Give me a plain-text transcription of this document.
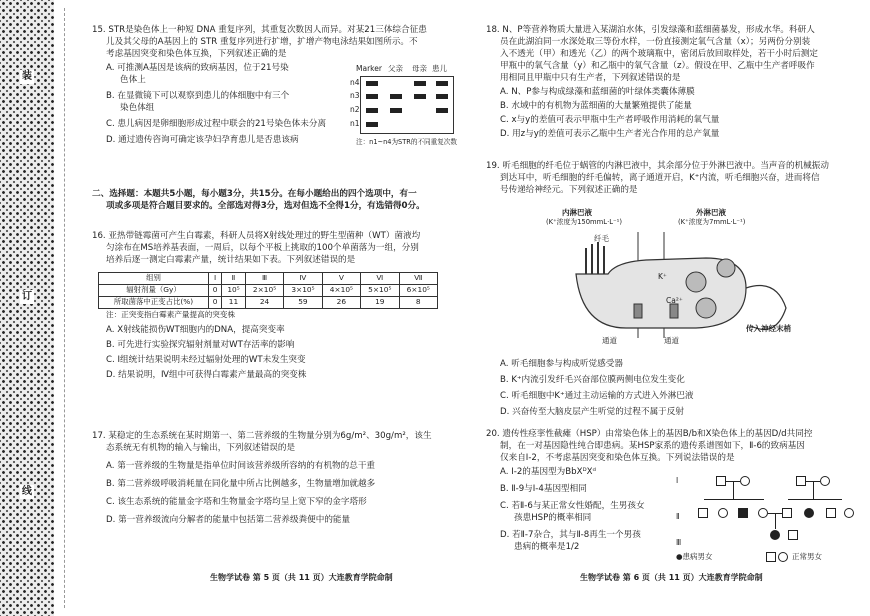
装
订
线
15. STR是染色体上一种短 DNA 重复序列，其重复次数因人而异。对某21三体综合征患
儿及其父母的A基因上的 STR 重复序列进行扩增，扩增产物电泳结果如图所示。不
考虑基因突变和染色体互换，下列叙述正确的是
A. 可推测A基因是该病的致病基因，位于21号染
色体上
B. 在显微镜下可以观察到患儿的体细胞中有三个
染色体组
C. 患儿病因是卵细胞形成过程中联会的21号染色体未分离
D. 通过遗传咨询可确定该孕妇孕育患儿是否患该病
Marker 父亲 母亲 患儿
n4
n3
n2
n1
注：n1~n4为STR的不同重复次数
二、选择题：本题共5小题，每小题3分，共15分。在每小题给出的四个选项中，有一
项或多项是符合题目要求的。全部选对得3分，选对但选不全得1分，有选错得0分。
16. 亚热带链霉菌可产生白霉素，科研人员将X射线处理过的野生型菌种（WT）菌液均
匀涂布在MS培养基表面，一周后，以每个平板上挑取的100个单菌落为一组，分别
培养后逐一测定白霉素产量，统计结果如下表。下列叙述错误的是
组别	Ⅰ	Ⅱ	Ⅲ	Ⅳ	Ⅴ	Ⅵ	Ⅶ
辐射剂量（Gy）	0	10⁵	2×10⁵	3×10⁵	4×10⁵	5×10⁵	6×10⁵
所取菌落中正变占比(%)	0	11	24	59	26	19	8
注：正突变指白霉素产量提高的突变株
A. X射线能损伤WT细胞内的DNA，提高突变率
B. 可先进行实验探究辐射剂量对WT存活率的影响
C. Ⅰ组统计结果说明未经过辐射处理的WT未发生突变
D. 结果说明，Ⅳ组中可获得白霉素产量最高的突变株
17. 某稳定的生态系统在某时期第一、第二营养级的生物量分别为6g/m²、30g/m²，该生
态系统无有机物的输入与输出，下列叙述错误的是
A. 第一营养级的生物量是指单位时间该营养级所容纳的有机物的总干重
B. 第二营养级呼吸消耗量在同化量中所占比例越多，生物量增加就越多
C. 该生态系统的能量金字塔和生物量金字塔均呈上宽下窄的金字塔形
D. 第一营养级流向分解者的能量中包括第二营养级粪便中的能量
生物学试卷 第 5 页（共 11 页）大连教育学院命制
18. N、P等营养物质大量进入某湖泊水体，引发绿藻和蓝细菌暴发，形成水华。科研人
员在此湖泊同一水深处取三等份水样，一份直接测定氧气含量（x）；另两份分别装
入不透光（甲）和透光（乙）的两个玻璃瓶中，密闭后放回取样处，若干小时后测定
甲瓶中的氧气含量（y）和乙瓶中的氧气含量（z）。假设在甲、乙瓶中生产者呼吸作
用相同且甲瓶中只有生产者，下列叙述错误的是
A. N、P参与构成绿藻和蓝细菌的叶绿体类囊体薄膜
B. 水域中的有机物为蓝细菌的大量繁殖提供了能量
C. x与y的差值可表示甲瓶中生产者呼吸作用消耗的氧气量
D. 用z与y的差值可表示乙瓶中生产者光合作用的总产氧量
19. 听毛细胞的纤毛位于蜗管的内淋巴液中，其余部分位于外淋巴液中。当声音的机械振动
到达耳中，听毛细胞的纤毛偏转，离子通道开启，K⁺内流，听毛细胞兴奋，进而将信
号传递给神经元。下列叙述正确的是
内淋巴液
(K⁺浓度为150mmL·L⁻¹)
外淋巴液
(K⁺浓度为7mmL·L⁻¹)
纤毛
K⁺
Ca²⁺
通道	通道
传入神经末梢
A. 听毛细胞参与构成听觉感受器
B. K⁺内流引发纤毛兴奋部位膜两侧电位发生变化
C. 听毛细胞中K⁺通过主动运输的方式进入外淋巴液
D. 兴奋传至大脑皮层产生听觉的过程不属于反射
20. 遗传性痉挛性截瘫（HSP）由常染色体上的基因B/b和X染色体上的基因D/d共同控
制，在一对基因隐性纯合即患病。某HSP家系的遗传系谱图如下，Ⅱ-6的致病基因
仅来自Ⅰ-2，不考虑基因突变和染色体互换。下列说法错误的是
A. Ⅰ-2的基因型为BbXᴰXᵈ
B. Ⅱ-9与Ⅰ-4基因型相同
C. 若Ⅱ-6与某正常女性婚配，生男孩女
孩患HSP的概率相同
D. 若Ⅱ-7杂合，其与Ⅱ-8再生一个男孩
患病的概率是1/2
Ⅰ
Ⅱ
Ⅲ
●患病男女	正常男女
生物学试卷 第 6 页（共 11 页）大连教育学院命制
